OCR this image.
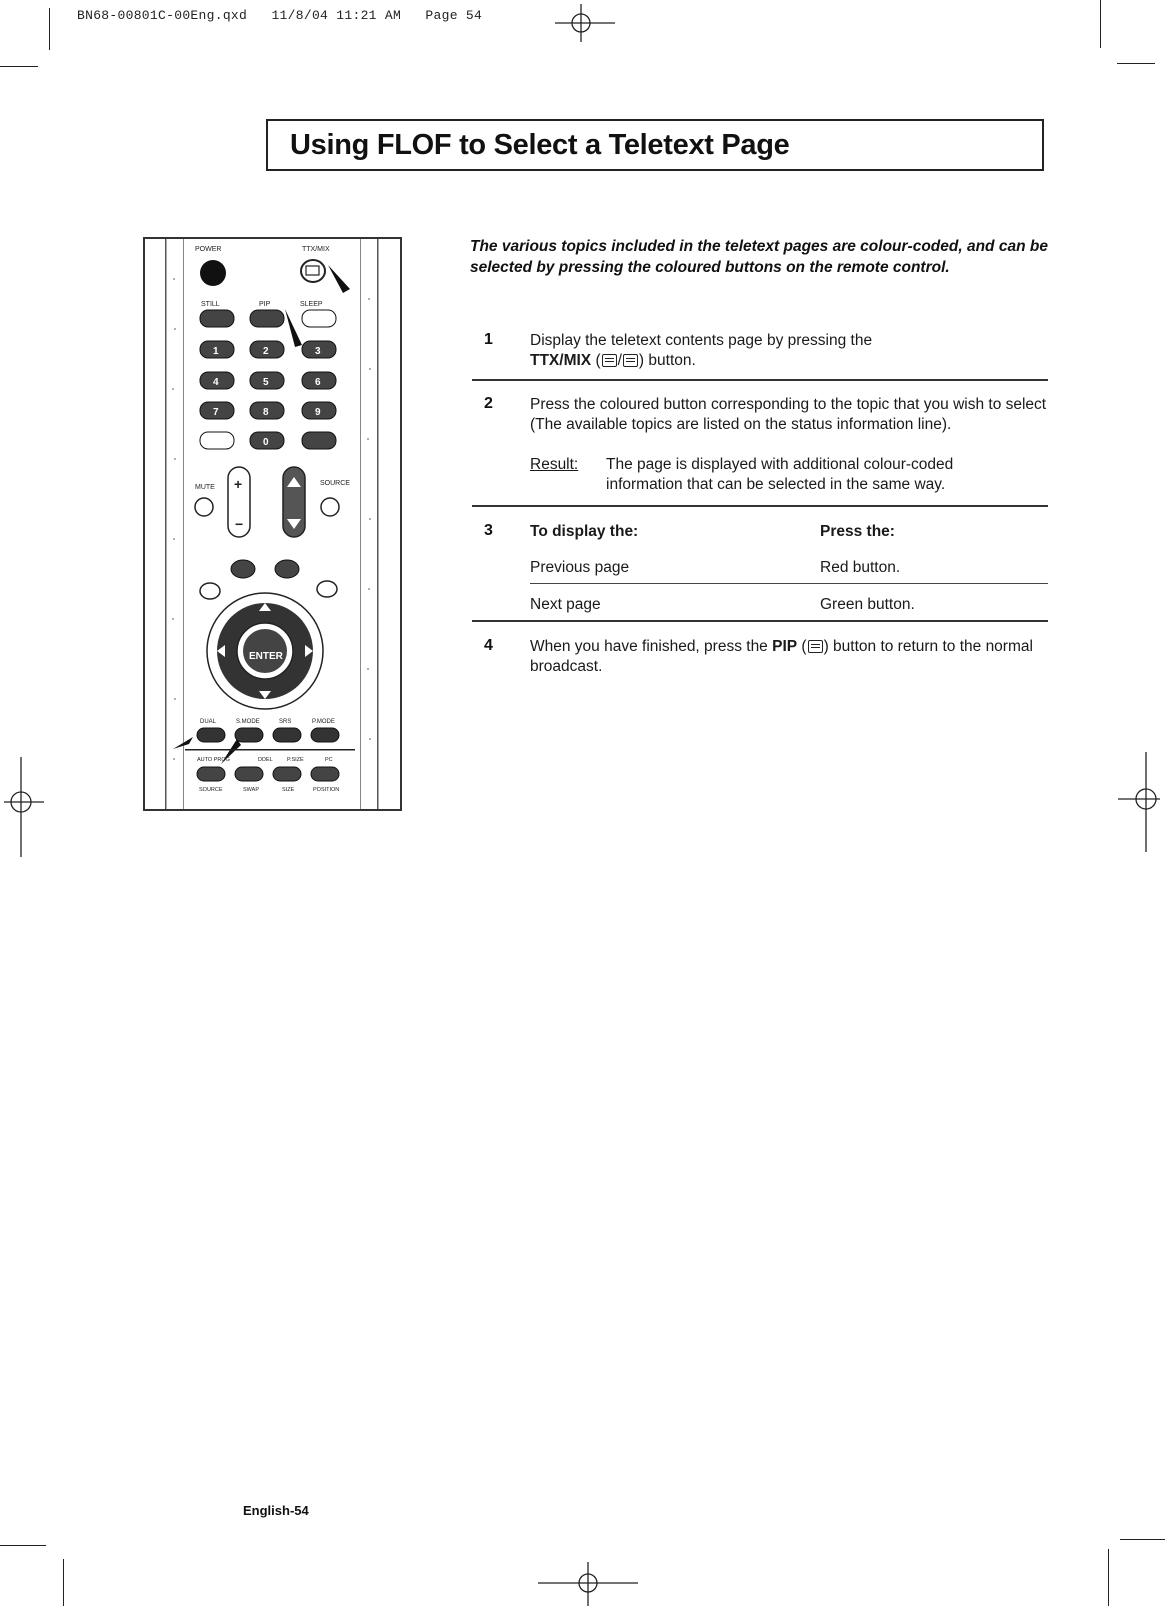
BN68-00801C-00Eng.qxd 11/8/04 11:21 AM Page 54
Using FLOF to Select a Teletext Page
POWER	TTX/MIX
STILL	PIP	SLEEP
1	2	3
4	5	6
7	8	9
0
MUTE +
−
SOURCE
ENTER
DUAL	S.MODE	SRS	P.MODE
AUTO PROG	DDEL	P.SIZE	PC
SOURCE	SWAP	SIZE	POSITION
The various topics included in the teletext pages are colour-coded, and can be selected by pressing the coloured buttons on the remote control.
1 Display the teletext contents page by pressing the
TTX/MIX ( / ) button.
2 Press the coloured button corresponding to the topic that you wish to select (The available topics are listed on the status information line).
Result: The page is displayed with additional colour-coded information that can be selected in the same way.
3 To display the:	Press the:
Previous page	Red button.
Next page	Green button.
4 When you have finished, press the PIP ( ) button to return to the normal broadcast.
English-54
